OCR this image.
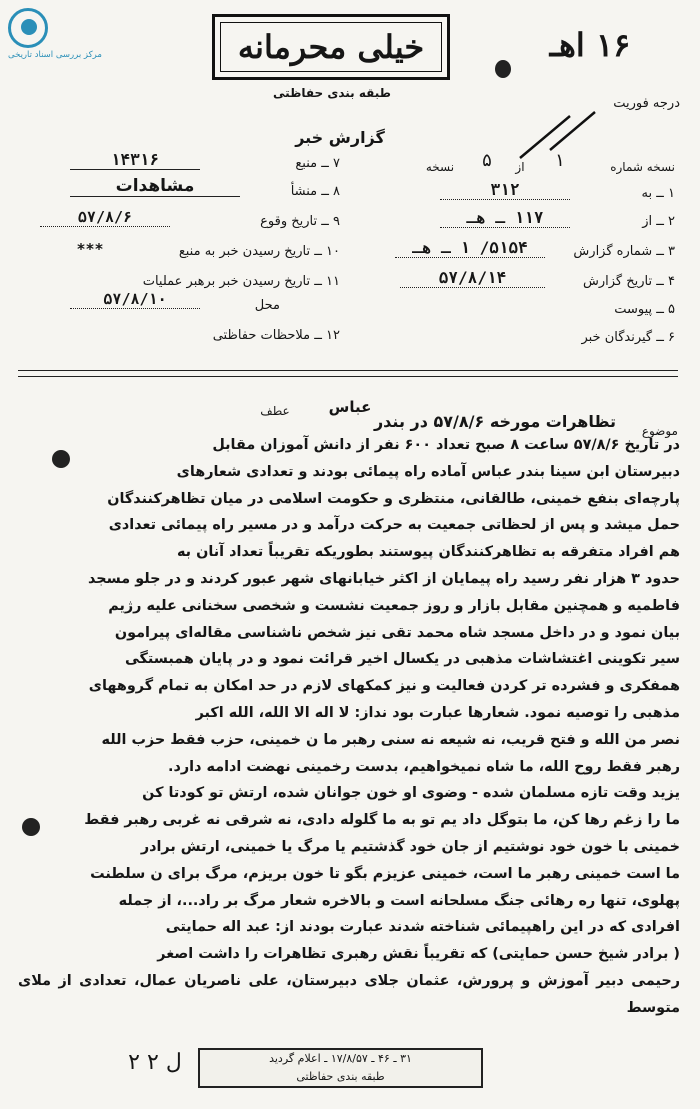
مرکز بررسی اسناد تاریخی	خیلی محرمانه
طبقه بندی حفاظتی
۱۶ اهـ
درجه فوریت
گزارش خبر
۷ ــ منبع
۱۴۳۱۶
۸ ــ منشأ
مشاهدات
۹ ــ تاریخ وقوع
۵۷/۸/۶
۱۰ ــ تاریخ رسیدن خبر به منبع
***
۱۱ ــ تاریخ رسیدن خبر برهبر عملیات
محل
۵۷/۸/۱۰
۱۲ ــ ملاحظات حفاظتی
نسخه شماره
۱
از
۵
نسخه
۱ ــ به
۳۱۲
۲ ــ از
۱۱۷ ـ هـ
۳ ــ شماره گزارش
۵۱۵۴/ ۱ ـ هـ
۴ ــ تاریخ گزارش
۵۷/۸/۱۴
۵ ــ پیوست
۶ ــ گیرندگان خبر
موضوع
عباس
عطف
تظاهرات مورخه ۵۷/۸/۶ در بندر

در تاریخ ۵۷/۸/۶ ساعت ۸ صبح تعداد ۶۰۰ نفر از دانش آموزان مقابل

دبیرستان ابن سینا بندر عباس آماده راه پیمائی بودند و تعدادی شعارهای

پارچه‌ای بنفع خمینی، طالقانی، منتظری و حکومت اسلامی در میان تظاهرکنندگان

حمل میشد و پس از لحظاتی جمعیت به حرکت درآمد و در مسیر راه پیمائی تعدادی

هم افراد متفرقه به تظاهرکنندگان پیوستند بطوریکه تقریباً تعداد آنان به

حدود ۳ هزار نفر رسید راه پیمایان از اکثر خیابانهای شهر عبور کردند و در جلو مسجد

فاطمیه و همچنین مقابل بازار و روز جمعیت نشست و شخصی سخنانی علیه رژیم

بیان نمود و در داخل مسجد شاه محمد تقی نیز شخص ناشناسی مقاله‌ای پیرامون

سیر تکوینی اغتشاشات مذهبی در یکسال اخیر قرائت نمود و در پایان همبستگی

همفکری و فشرده تر کردن فعالیت و نیز کمکهای لازم در حد امکان به تمام گروههای

مذهبی را توصیه نمود. شعارها عبارت بود نداز: لا اله الا الله، الله اکبر

نصر من الله و فتح قریب، نه شیعه نه سنی رهبر ما ن خمینی، حزب فقط حزب الله

رهبر فقط روح الله، ما شاه نمیخواهیم، بدست رخمینی نهضت ادامه دارد.

یزید وقت تازه مسلمان شده - وضوی او خون جوانان شده، ارتش تو کودتا کن

ما را زغم رها کن، ما بتوگل داد یم تو به ما گلوله دادی، نه شرقی نه غربی رهبر فقط

خمینی با خون خود نوشتیم از جان خود گذشتیم یا مرگ یا خمینی، ارتش برادر

ما است خمینی رهبر ما است، خمینی عزیزم بگو تا خون بریزم، مرگ برای ن سلطنت

پهلوی، تنها ره رهائی جنگ مسلحانه است و بالاخره شعار مرگ بر راد...، از جمله

افرادی که در این راهپیمائی شناخته شدند عبارت بودند از: عبد اله حمایتی

( برادر شیخ حسن حمایتی) که تقریباً نقش رهبری تظاهرات را داشت اصغر

رحیمی دبیر آموزش و پرورش، عثمان جلای دبیرستان، علی ناصریان عمال، تعدادی از ملای متوسط

۳۱ ـ ۴۶ ـ ۱۷/۸/۵۷ ـ اعلام گردید
طبقه بندی حفاظتی
ل ۲ ۲
